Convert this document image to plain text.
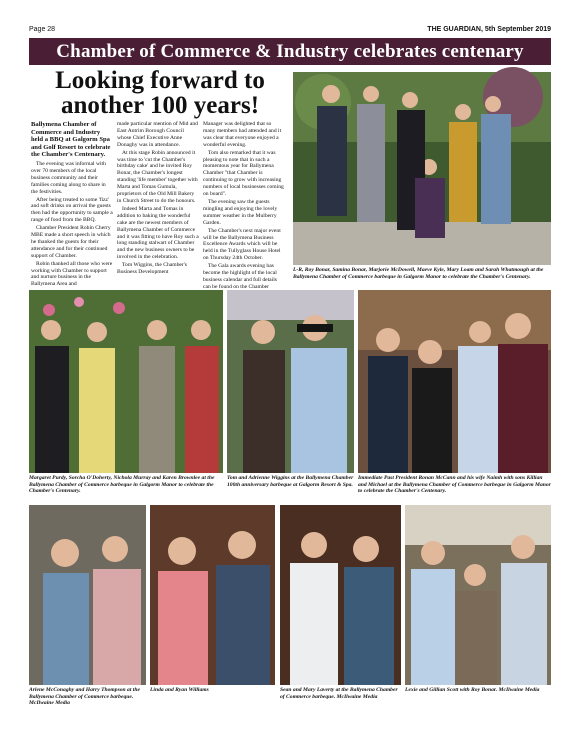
Page 28	THE GUARDIAN, 5th September 2019
Chamber of Commerce & Industry celebrates centenary
Looking forward to
another 100 years!

Ballymena Chamber of Commerce and Industry held a BBQ at Galgorm Spa and Golf Resort to celebrate the Chamber's Centenary.

The evening was informal with over 70 members of the local business community and their families coming along to share in the festivities.

After being treated to some 'fizz' and soft drinks on arrival the guests then had the opportunity to sample a range of food from the BBQ.

Chamber President Robin Cherry MBE made a short speech in which he thanked the guests for their attendance and for their continued support of Chamber.

Robin thanked all those who were working with Chamber to support and nurture business in the Ballymena Area and

made particular mention of Mid and East Antrim Borough Council whose Chief Executive Anne Donaghy was in attendance.

At this stage Robin announced it was time to 'cut the Chamber's birthday cake' and he invited Roy Bonar, the Chamber's longest standing 'life member' together with Marta and Tomas Gumula, proprietors of the Old Mill Bakery in Church Street to do the honours.

Indeed Marta and Tomas in addition to baking the wonderful cake are the newest members of Ballymena Chamber of Commerce and it was fitting to have Roy such a long standing stalwart of Chamber and the new business owners to be involved in the celebration.

Tom Wiggins, the Chamber's Business Development

Manager was delighted that so many members had attended and it was clear that everyone enjoyed a wonderful evening.

Tom also remarked that it was pleasing to note that in such a momentous year for Ballymena Chamber "that Chamber is continuing to grow with increasing numbers of local businesses coming on board".

The evening saw the guests mingling and enjoying the lovely summer weather in the Mulberry Garden.

The Chamber's next major event will be the Ballymena Business Excellence Awards which will be held in the Tullyglass House Hotel on Thursday 24th October.

The Gala awards evening has become the highlight of the local business calendar and full details can be found on the Chamber

L-R, Roy Bonar, Samina Bonar, Marjorie McDowell, Maeve Kyle, Mary Loam and Sarah Whatmough at the Ballymena Chamber of Commerce barbeque in Galgorm Manor to celebrate the Chamber's Centenary.
Margaret Purdy, Sorcha O'Doherty, Nichola Murray and Karen Brownlee at the Ballymena Chamber of Commerce barbeque in Galgorm Manor to celebrate the Chamber's Centenary.
Tom and Adrienne Wiggins at the Ballymena Chamber 100th anniversary barbeque at Galgorm Resort & Spa.
Immediate Past President Ronan McCann and his wife Naimh with sons Killian and Michael at the Ballymena Chamber of Commerce barbeque in Galgorm Manor to celebrate the Chamber's Centenary.
Arlene McConaghy and Harry Thompson at the Ballymena Chamber of Commerce barbeque. McIlwaine Media
Linda and Ryan Williams	Sean and Mary Laverty at the Ballymena Chamber of Commerce barbeque. McIlwaine Media
Lexie and Gillian Scott with Roy Bonar. McIlwaine Media
